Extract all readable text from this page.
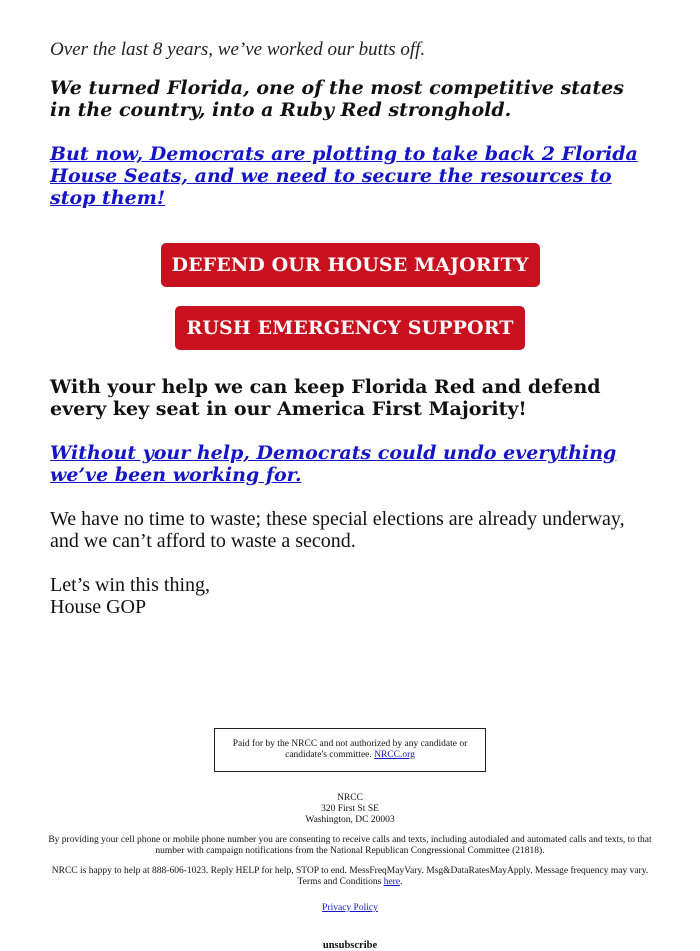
Over the last 8 years, we’ve worked our butts off.

We turned Florida, one of the most competitive states in the country, into a Ruby Red stronghold.

But now, Democrats are plotting to take back 2 Florida House Seats, and we need to secure the resources to stop them!

DEFEND OUR HOUSE MAJORITY
RUSH EMERGENCY SUPPORT

With your help we can keep Florida Red and defend every key seat in our America First Majority!

Without your help, Democrats could undo everything we’ve been working for.

We have no time to waste; these special elections are already underway, and we can’t afford to waste a second.

Let’s win this thing,
House GOP

Paid for by the NRCC and not authorized by any candidate or candidate's committee. NRCC.org
NRCC
320 First St SE
Washington, DC 20003
By providing your cell phone or mobile phone number you are consenting to receive calls and texts, including autodialed and automated calls and texts, to that number with campaign notifications from the National Republican Congressional Committee (21818).
NRCC is happy to help at 888-606-1023. Reply HELP for help, STOP to end. MessFreqMayVary. Msg&DataRatesMayApply. Message frequency may vary. Terms and Conditions here.
Privacy Policy
unsubscribe
